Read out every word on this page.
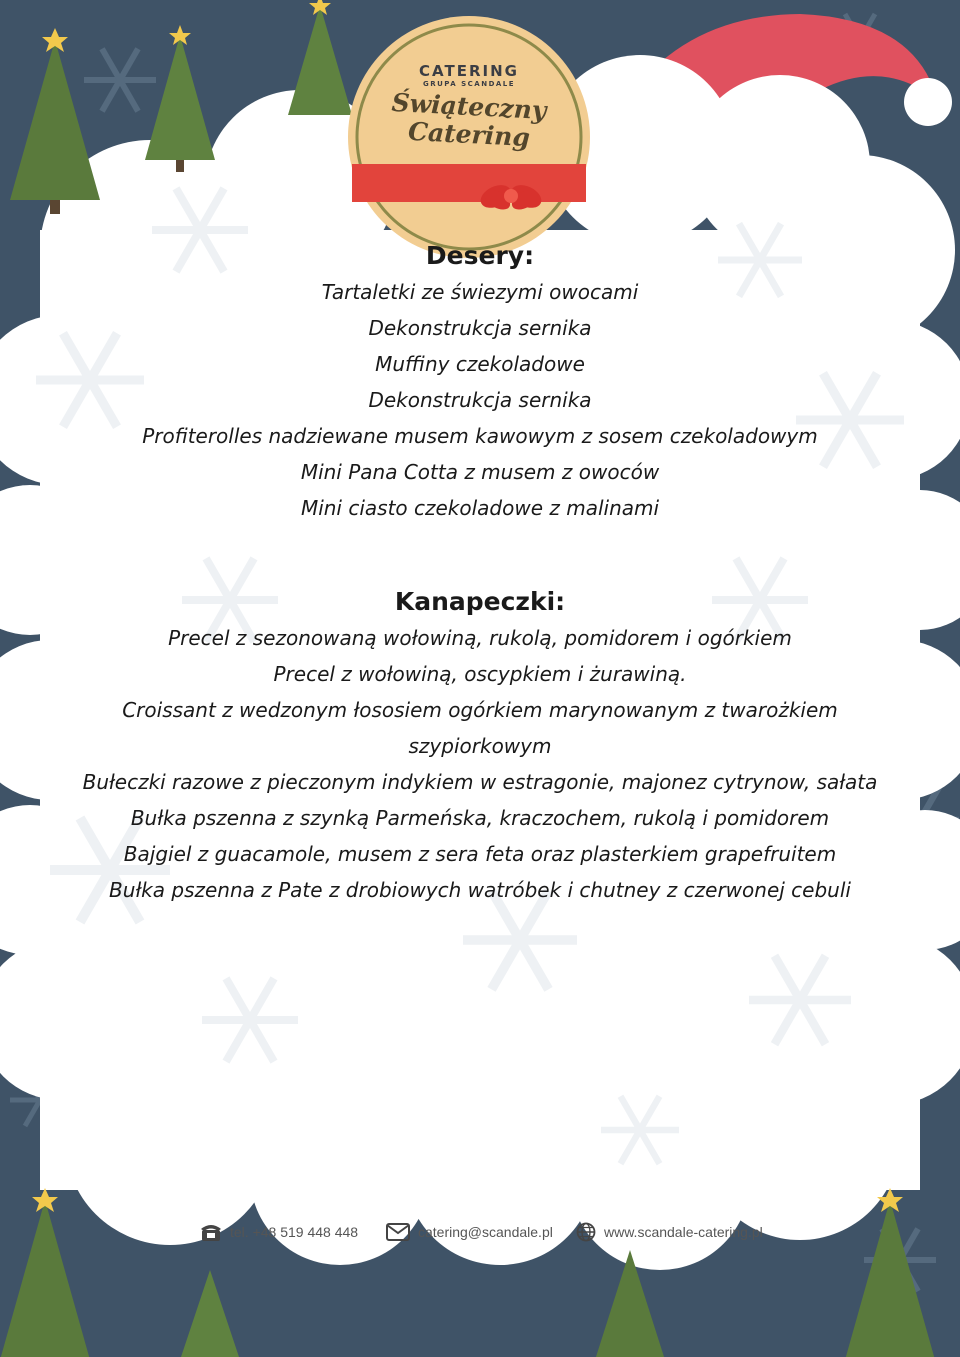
CATERING
GRUPA SCANDALE
Świąteczny
Catering

Desery:

Tartaletki ze świezymi owocami

Dekonstrukcja sernika

Muffiny czekoladowe

Dekonstrukcja sernika

Profiterolles nadziewane musem kawowym z sosem czekoladowym

Mini Pana Cotta z musem z owoców

Mini ciasto czekoladowe z malinami

Kanapeczki:

Precel z sezonowaną wołowiną, rukolą, pomidorem i ogórkiem

Precel z wołowiną, oscypkiem i żurawiną.

Croissant z wedzonym łososiem ogórkiem marynowanym z twarożkiem

szypiorkowym

Bułeczki razowe z pieczonym indykiem w estragonie, majonez cytrynow, sałata

Bułka pszenna z szynką Parmeńska, kraczochem, rukolą i pomidorem

Bajgiel z guacamole, musem z sera feta oraz plasterkiem grapefruitem

Bułka pszenna z Pate z drobiowych watróbek i chutney z czerwonej cebuli

tel. +48 519 448 448	catering@scandale.pl	www.scandale-catering.pl
